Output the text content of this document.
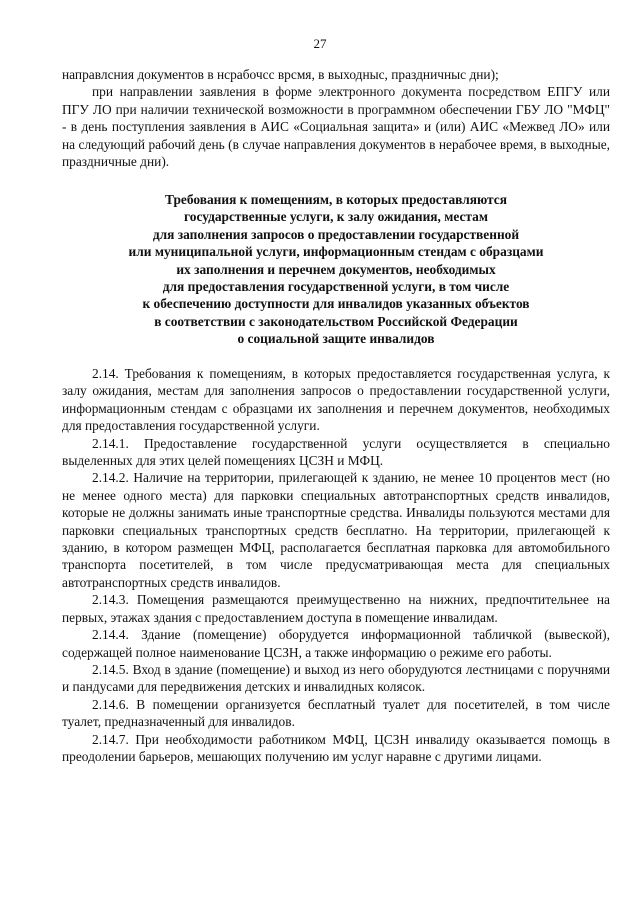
27

направлсния документов в нсрабочсс врсмя, в выходныс, праздничныс дни);

при направлении заявления в форме электронного документа посредством ЕПГУ или ПГУ ЛО при наличии технической возможности в программном обеспечении ГБУ ЛО "МФЦ" - в день поступления заявления в АИС «Социальная защита» и (или) АИС «Межвед ЛО» или на следующий рабочий день (в случае направления документов в нерабочее время, в выходные, праздничные дни).

Требования к помещениям, в которых предоставляются
государственные услуги, к залу ожидания, местам
для заполнения запросов о предоставлении государственной
или муниципальной услуги, информационным стендам с образцами
их заполнения и перечнем документов, необходимых
для предоставления государственной услуги, в том числе
к обеспечению доступности для инвалидов указанных объектов
в соответствии с законодательством Российской Федерации
о социальной защите инвалидов

2.14. Требования к помещениям, в которых предоставляется государственная услуга, к залу ожидания, местам для заполнения запросов о предоставлении государственной услуги, информационным стендам с образцами их заполнения и перечнем документов, необходимых для предоставления государственной услуги.

2.14.1. Предоставление государственной услуги осуществляется в специально выделенных для этих целей помещениях ЦСЗН и МФЦ.

2.14.2. Наличие на территории, прилегающей к зданию, не менее 10 процентов мест (но не менее одного места) для парковки специальных автотранспортных средств инвалидов, которые не должны занимать иные транспортные средства. Инвалиды пользуются местами для парковки специальных транспортных средств бесплатно. На территории, прилегающей к зданию, в котором размещен МФЦ, располагается бесплатная парковка для автомобильного транспорта посетителей, в том числе предусматривающая места для специальных автотранспортных средств инвалидов.

2.14.3. Помещения размещаются преимущественно на нижних, предпочтительнее на первых, этажах здания с предоставлением доступа в помещение инвалидам.

2.14.4. Здание (помещение) оборудуется информационной табличкой (вывеской), содержащей полное наименование ЦСЗН, а также информацию о режиме его работы.

2.14.5. Вход в здание (помещение) и выход из него оборудуются лестницами с поручнями и пандусами для передвижения детских и инвалидных колясок.

2.14.6. В помещении организуется бесплатный туалет для посетителей, в том числе туалет, предназначенный для инвалидов.

2.14.7. При необходимости работником МФЦ, ЦСЗН инвалиду оказывается помощь в преодолении барьеров, мешающих получению им услуг наравне с другими лицами.
